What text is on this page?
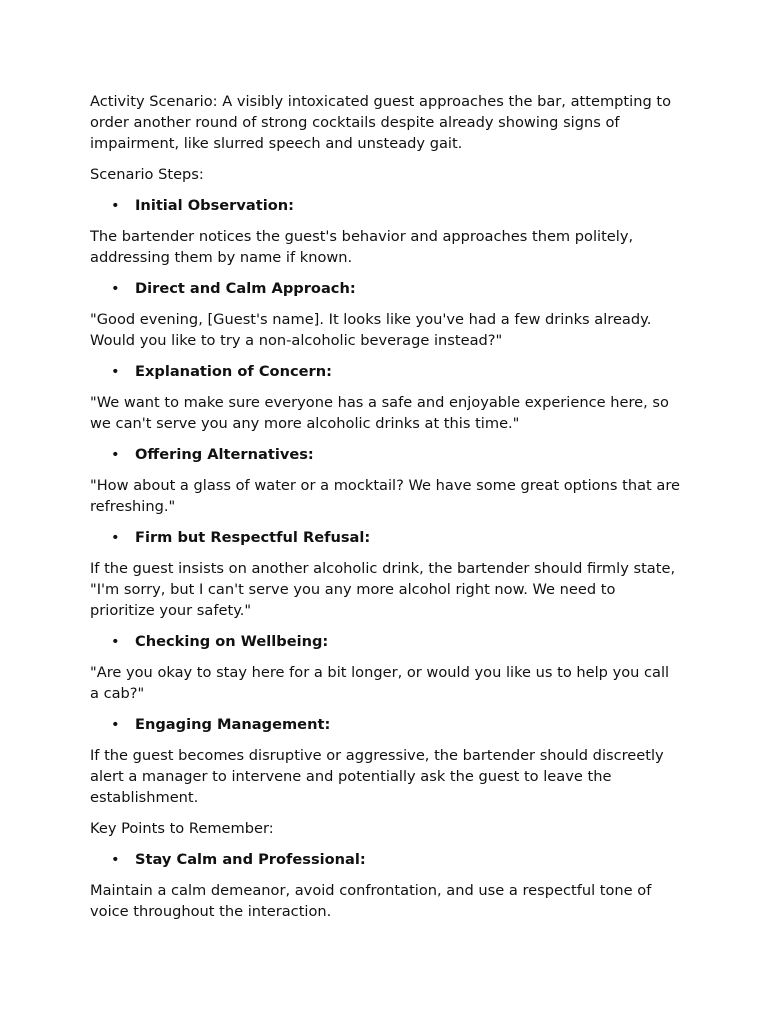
Activity Scenario: A visibly intoxicated guest approaches the bar, attempting to order another round of strong cocktails despite already showing signs of impairment, like slurred speech and unsteady gait.

Scenario Steps:

• Initial Observation:

The bartender notices the guest's behavior and approaches them politely, addressing them by name if known.

• Direct and Calm Approach:

"Good evening, [Guest's name]. It looks like you've had a few drinks already. Would you like to try a non-alcoholic beverage instead?"

• Explanation of Concern:

"We want to make sure everyone has a safe and enjoyable experience here, so we can't serve you any more alcoholic drinks at this time."

• Offering Alternatives:

"How about a glass of water or a mocktail? We have some great options that are refreshing."

• Firm but Respectful Refusal:

If the guest insists on another alcoholic drink, the bartender should firmly state, "I'm sorry, but I can't serve you any more alcohol right now. We need to prioritize your safety."

• Checking on Wellbeing:

"Are you okay to stay here for a bit longer, or would you like us to help you call a cab?"

• Engaging Management:

If the guest becomes disruptive or aggressive, the bartender should discreetly alert a manager to intervene and potentially ask the guest to leave the establishment.

Key Points to Remember:

• Stay Calm and Professional:

Maintain a calm demeanor, avoid confrontation, and use a respectful tone of voice throughout the interaction.
